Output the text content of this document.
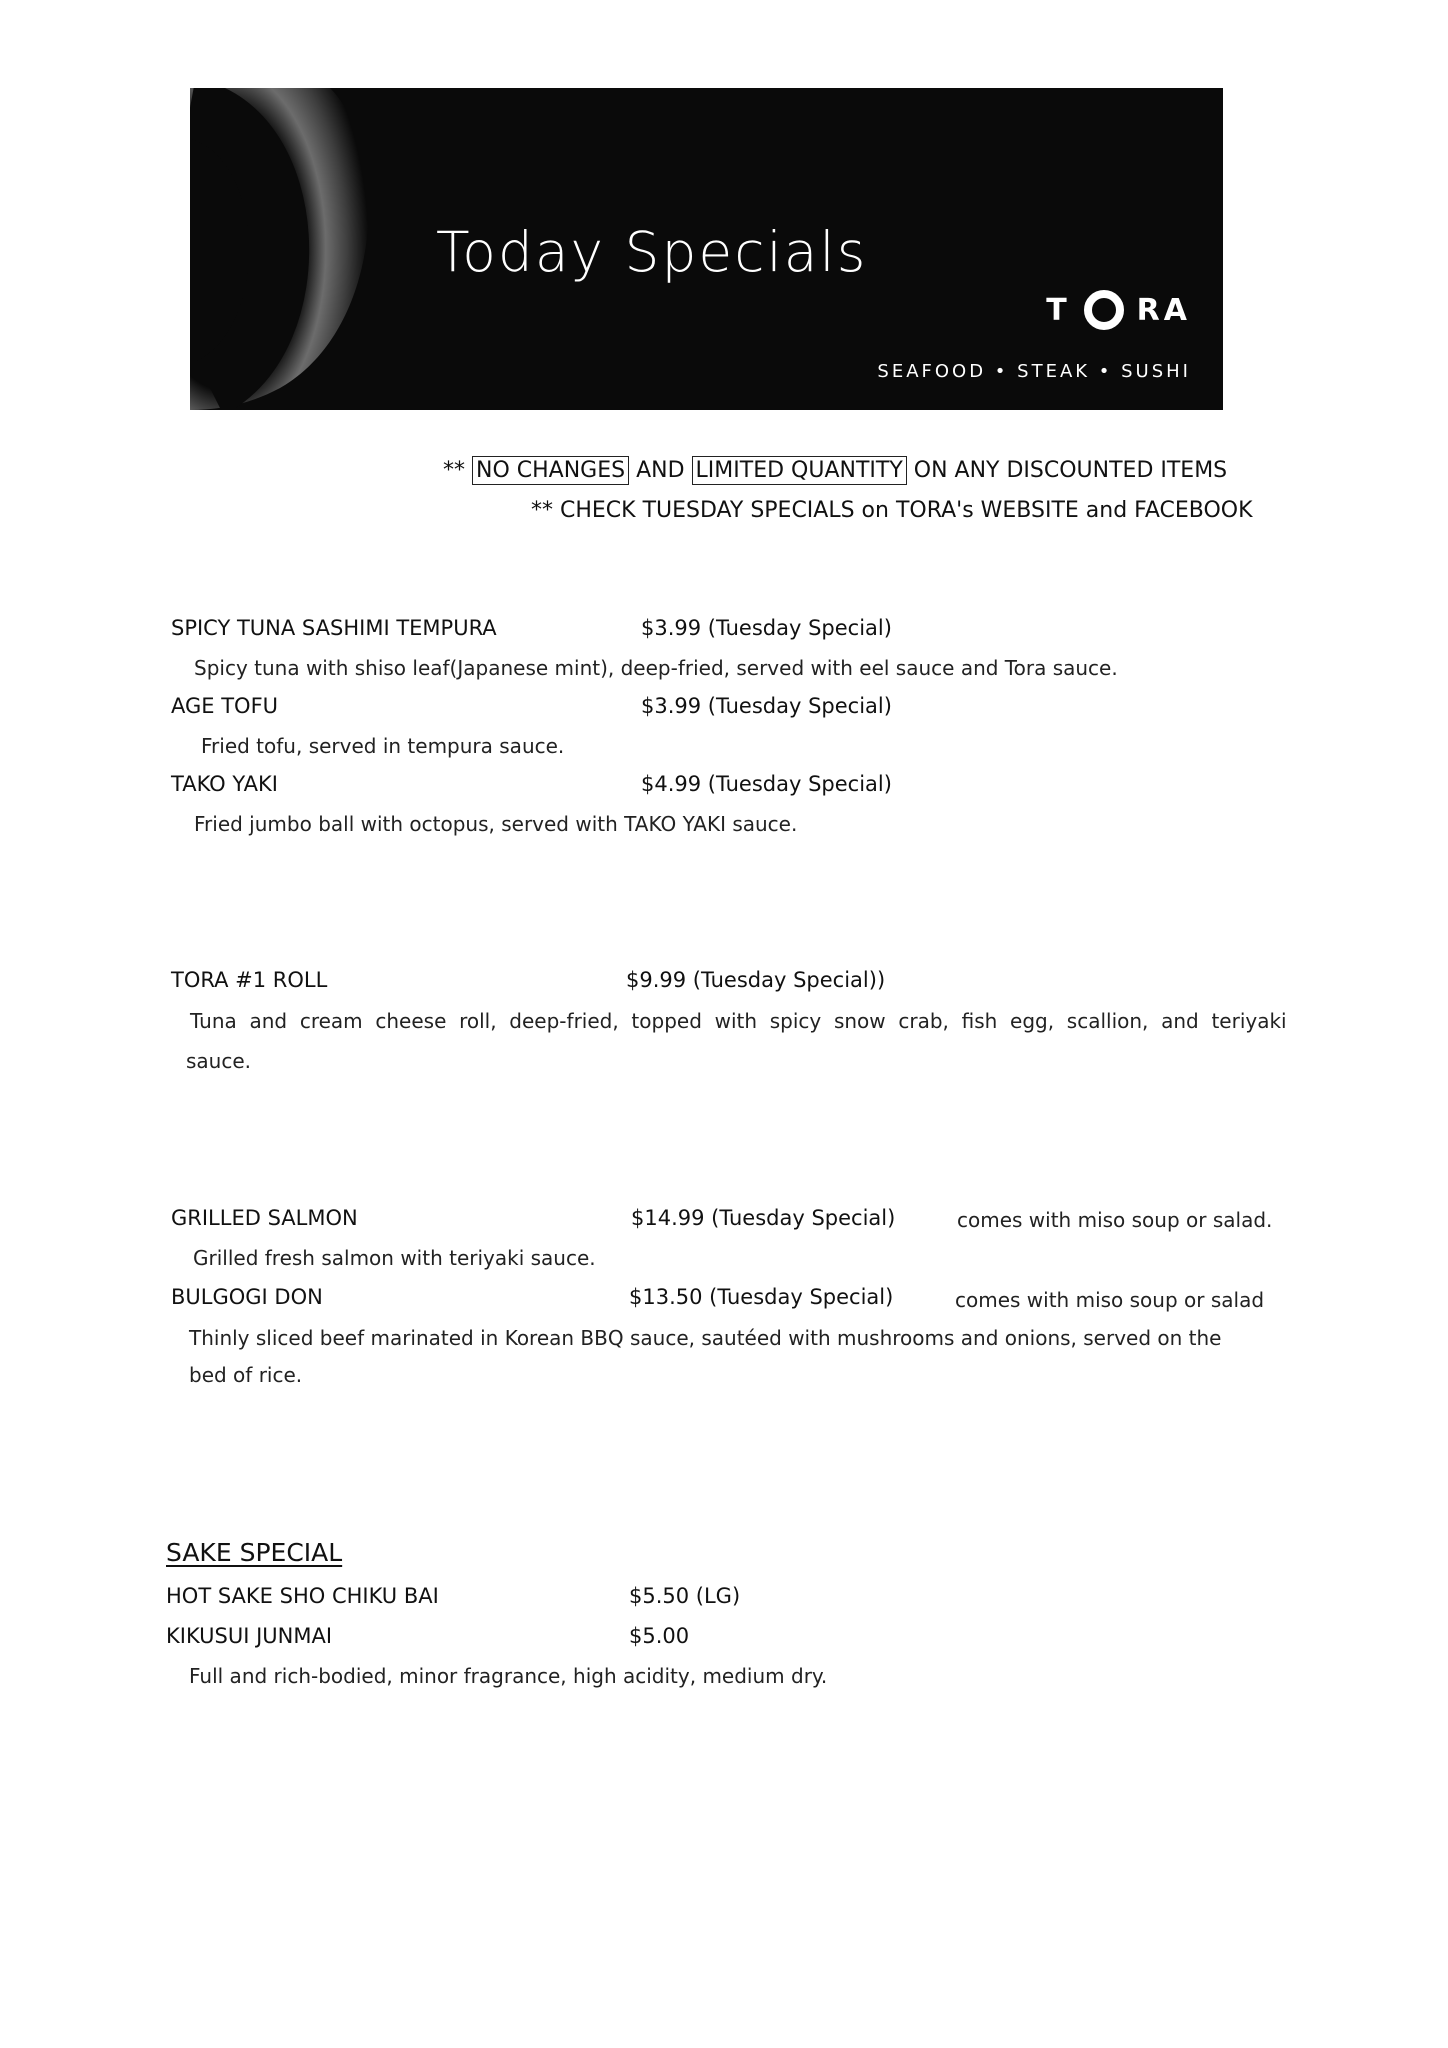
Today Specials
T R A
SEAFOOD • STEAK • SUSHI
** NO CHANGES AND LIMITED QUANTITY ON ANY DISCOUNTED ITEMS
** CHECK TUESDAY SPECIALS on TORA's WEBSITE and FACEBOOK
SPICY TUNA SASHIMI TEMPURA	$3.99 (Tuesday Special)
Spicy tuna with shiso leaf(Japanese mint), deep-fried, served with eel sauce and Tora sauce.
AGE TOFU	$3.99 (Tuesday Special)
Fried tofu, served in tempura sauce.
TAKO YAKI	$4.99 (Tuesday Special)
Fried jumbo ball with octopus, served with TAKO YAKI sauce.
TORA #1 ROLL	$9.99 (Tuesday Special))
Tuna  and  cream  cheese  roll,  deep-fried,  topped  with  spicy  snow  crab,  fish  egg,  scallion,  and  teriyaki
sauce.
GRILLED SALMON	$14.99 (Tuesday Special)	comes with miso soup or salad.
Grilled fresh salmon with teriyaki sauce.
BULGOGI DON	$13.50 (Tuesday Special)	comes with miso soup or salad
Thinly sliced beef marinated in Korean BBQ sauce, sautéed with mushrooms and onions, served on the
bed of rice.
SAKE SPECIAL
HOT SAKE SHO CHIKU BAI	$5.50 (LG)
KIKUSUI JUNMAI	$5.00
Full and rich-bodied, minor fragrance, high acidity, medium dry.
